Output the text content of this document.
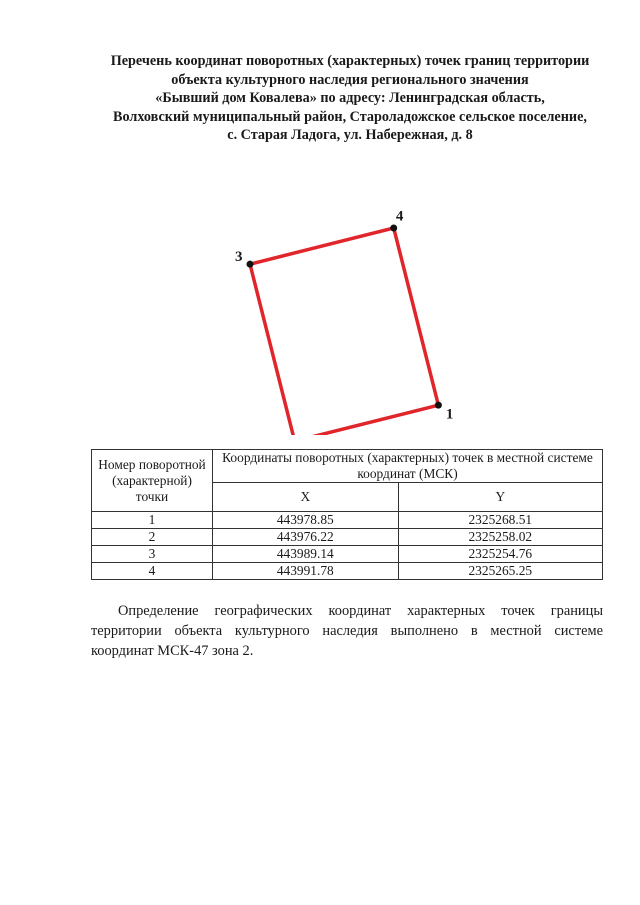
Перечень координат поворотных (характерных) точек границ территории
объекта культурного наследия регионального значения
«Бывший дом Ковалева» по адресу: Ленинградская область,
Волховский муниципальный район, Староладожское сельское поселение,
с. Старая Ладога, ул. Набережная, д. 8
1
3
4
Номер поворотной (характерной) точки	Координаты поворотных (характерных) точек в местной системе координат (МСК)	
	X	Y
1	443978.85	2325268.51
2	443976.22	2325258.02
3	443989.14	2325254.76
4	443991.78	2325265.25
Определение географических координат характерных точек границы территории объекта культурного наследия выполнено в местной системе координат МСК-47 зона 2.
